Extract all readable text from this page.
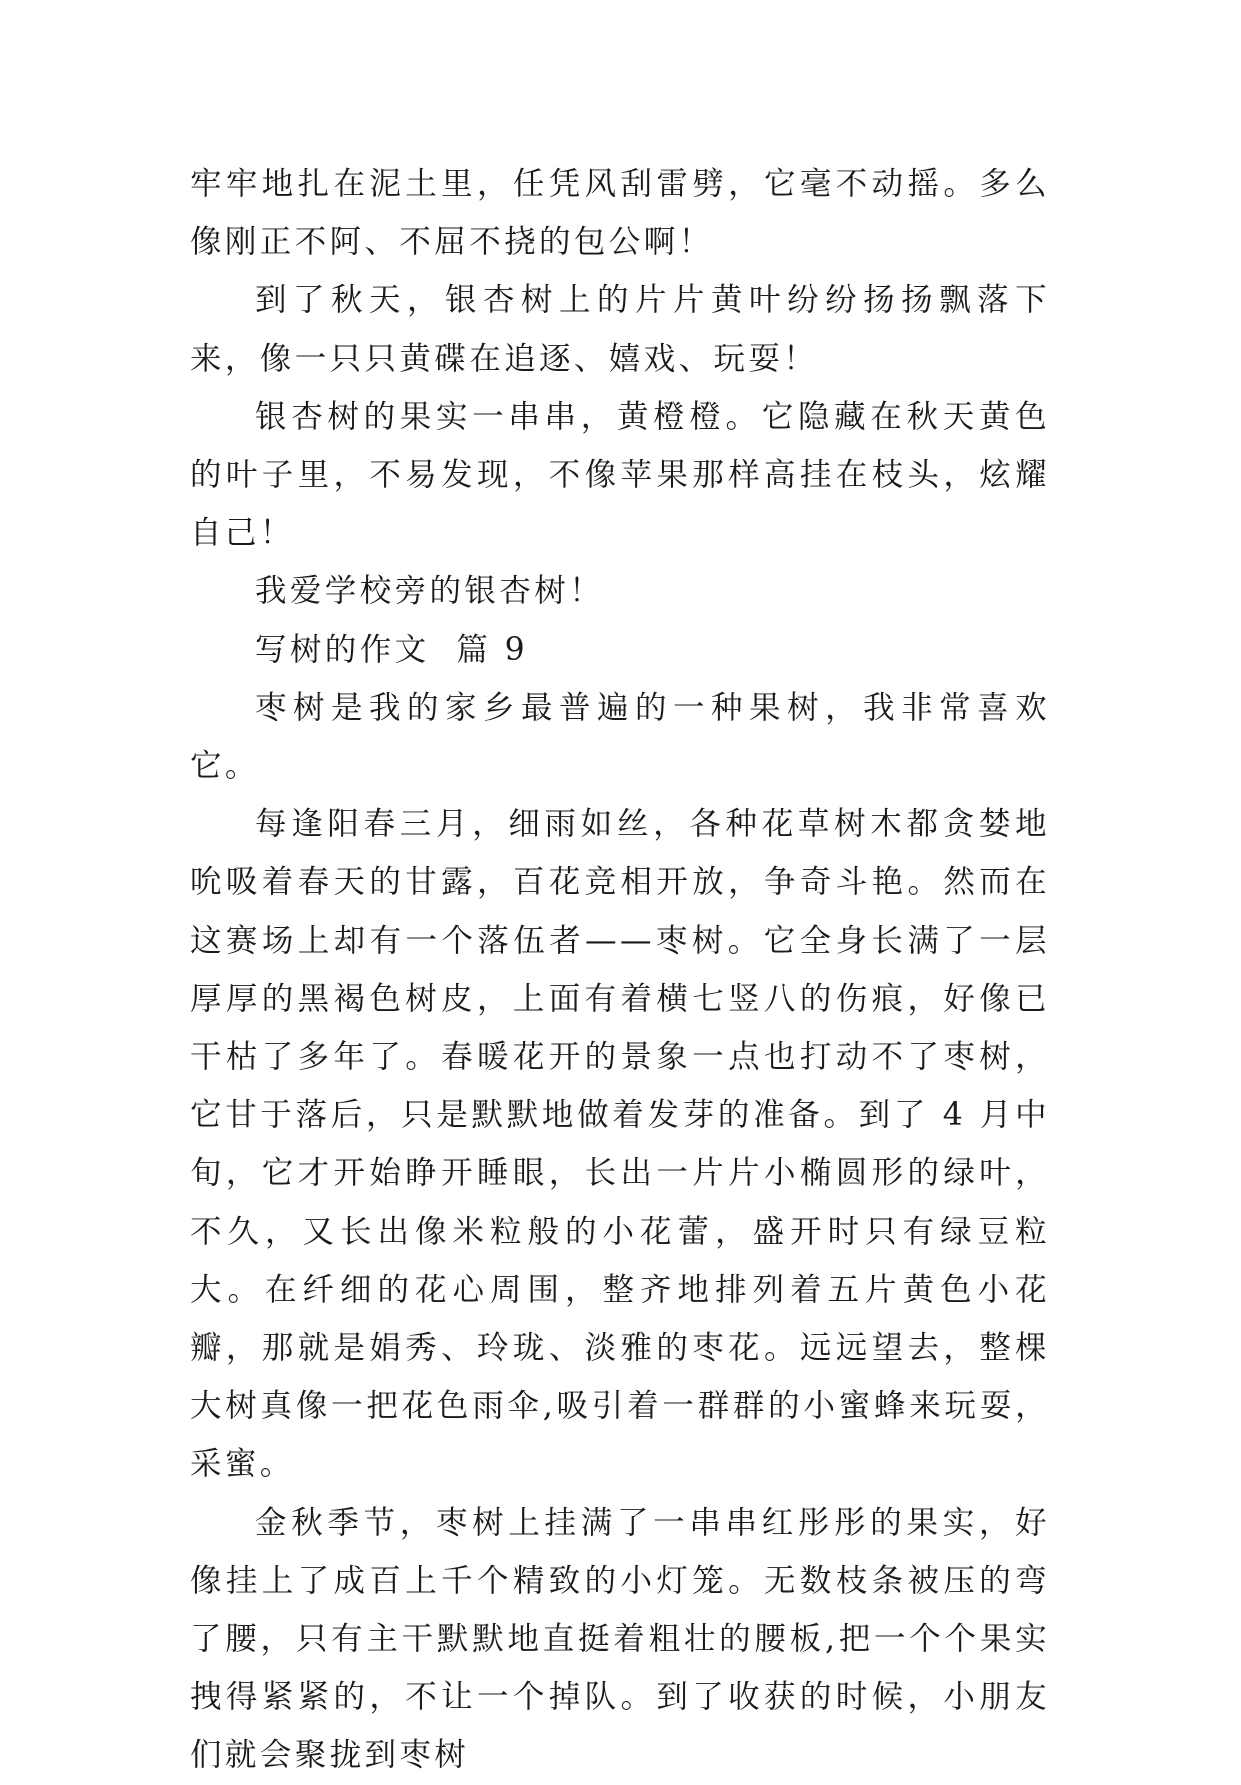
牢牢地扎在泥土里，任凭风刮雷劈，它毫不动摇。多么像刚正不阿、不屈不挠的包公啊！

到了秋天，银杏树上的片片黄叶纷纷扬扬飘落下来，像一只只黄碟在追逐、嬉戏、玩耍！

银杏树的果实一串串，黄橙橙。它隐藏在秋天黄色的叶子里，不易发现，不像苹果那样高挂在枝头，炫耀自己！

我爱学校旁的银杏树！

写树的作文  篇 9

枣树是我的家乡最普遍的一种果树，我非常喜欢它。

每逢阳春三月，细雨如丝，各种花草树木都贪婪地吮吸着春天的甘露，百花竞相开放，争奇斗艳。然而在这赛场上却有一个落伍者——枣树。它全身长满了一层厚厚的黑褐色树皮，上面有着横七竖八的伤痕，好像已干枯了多年了。春暖花开的景象一点也打动不了枣树，它甘于落后，只是默默地做着发芽的准备。到了 4 月中旬，它才开始睁开睡眼，长出一片片小椭圆形的绿叶，不久，又长出像米粒般的小花蕾，盛开时只有绿豆粒大。在纤细的花心周围，整齐地排列着五片黄色小花瓣，那就是娟秀、玲珑、淡雅的枣花。远远望去，整棵大树真像一把花色雨伞,吸引着一群群的小蜜蜂来玩耍，采蜜。

金秋季节，枣树上挂满了一串串红彤彤的果实，好像挂上了成百上千个精致的小灯笼。无数枝条被压的弯了腰，只有主干默默地直挺着粗壮的腰板,把一个个果实拽得紧紧的，不让一个掉队。到了收获的时候，小朋友们就会聚拢到枣树
